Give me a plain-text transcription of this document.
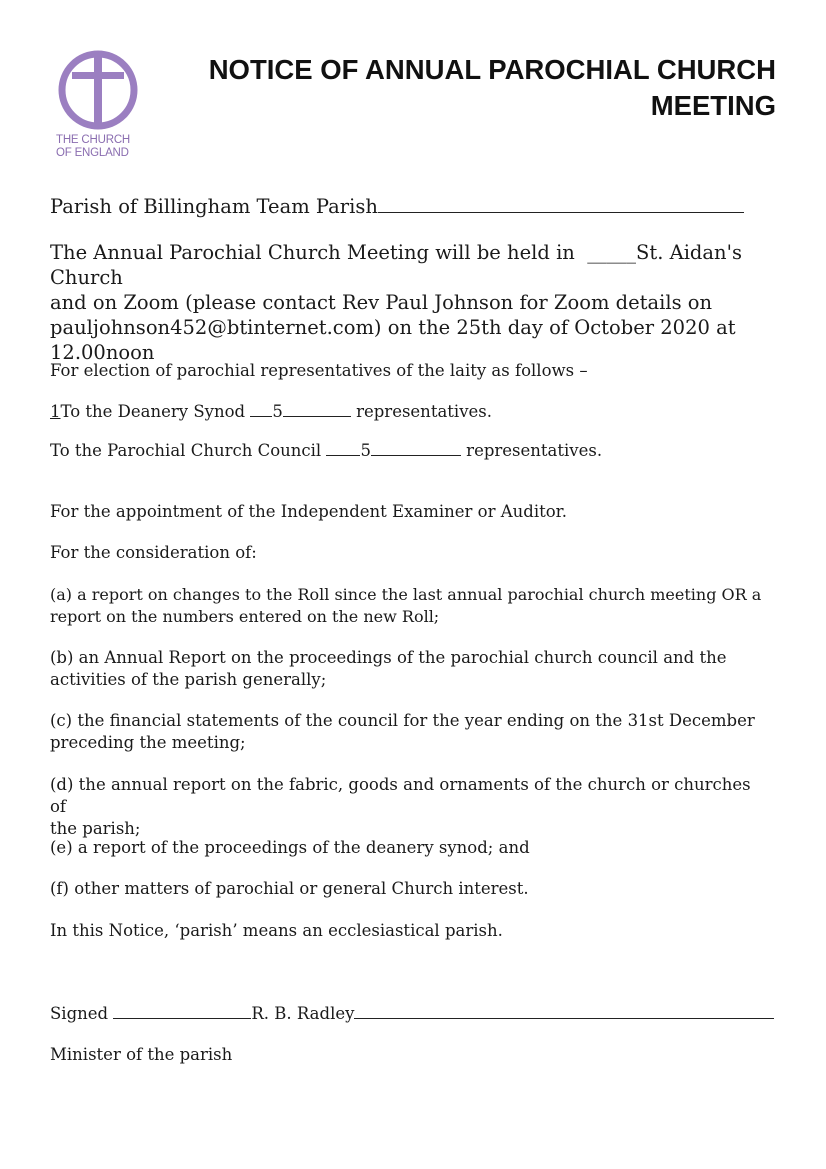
THE CHURCH
OF ENGLAND
NOTICE OF ANNUAL PAROCHIAL CHURCH
MEETING
Parish of Billingham Team Parish
The Annual Parochial Church Meeting will be held in  _____St. Aidan's Church
and on Zoom (please contact Rev Paul Johnson for Zoom details on
pauljohnson452@btinternet.com) on the 25th day of October 2020 at
12.00noon
For election of parochial representatives of the laity as follows –
1To the Deanery Synod 5	representatives.
To the Parochial Church Council 5	representatives.
For the appointment of the Independent Examiner or Auditor.
For the consideration of:
(a) a report on changes to the Roll since the last annual parochial church meeting OR a
report on the numbers entered on the new Roll;
(b) an Annual Report on the proceedings of the parochial church council and the
activities of the parish generally;
(c) the financial statements of the council for the year ending on the 31st December
preceding the meeting;
(d) the annual report on the fabric, goods and ornaments of the church or churches of
the parish;
(e) a report of the proceedings of the deanery synod; and
(f) other matters of parochial or general Church interest.
In this Notice, ‘parish’ means an ecclesiastical parish.
Signed	R. B. Radley
Minister of the parish
